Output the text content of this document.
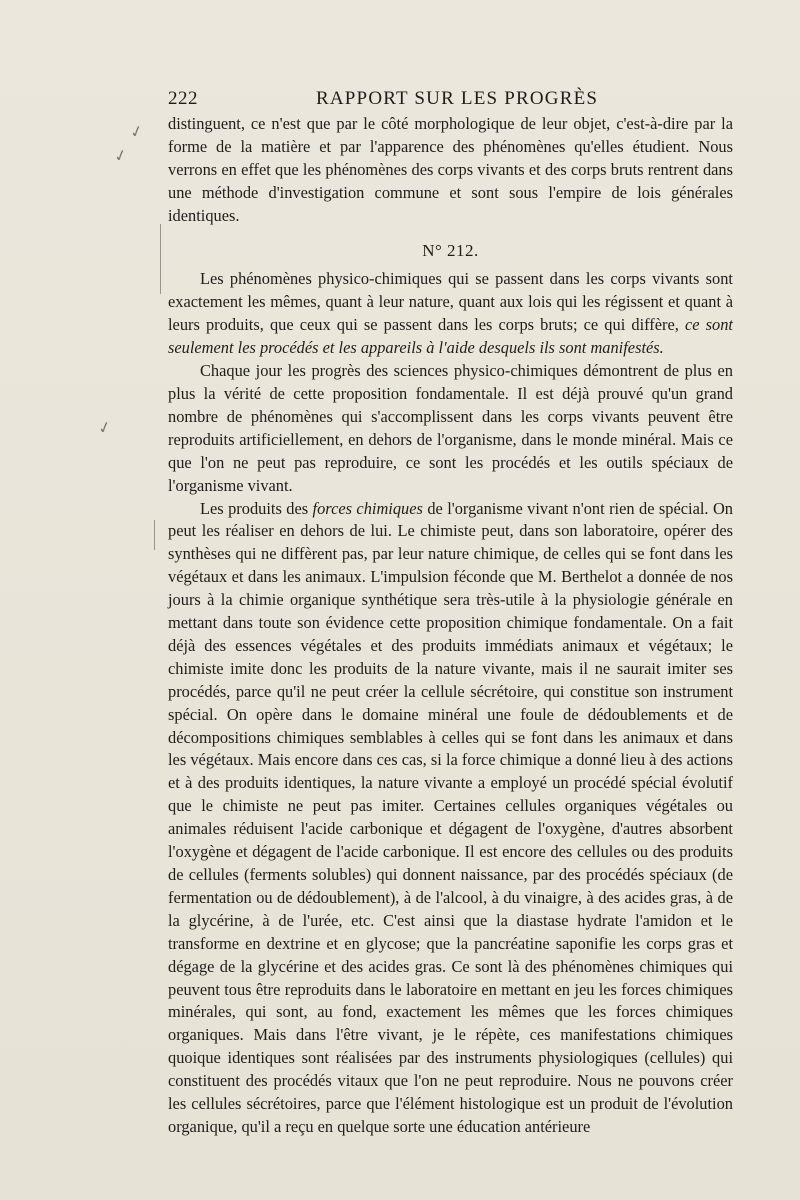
222	RAPPORT SUR LES PROGRÈS
✓
✓
✓

distinguent, ce n'est que par le côté morphologique de leur objet, c'est-à-dire par la forme de la matière et par l'apparence des phénomènes qu'elles étudient. Nous verrons en effet que les phénomènes des corps vivants et des corps bruts rentrent dans une méthode d'investigation commune et sont sous l'empire de lois générales identiques.

N° 212.

Les phénomènes physico-chimiques qui se passent dans les corps vivants sont exactement les mêmes, quant à leur nature, quant aux lois qui les régissent et quant à leurs produits, que ceux qui se passent dans les corps bruts; ce qui diffère, ce sont seulement les procédés et les appareils à l'aide desquels ils sont manifestés.

Chaque jour les progrès des sciences physico-chimiques démontrent de plus en plus la vérité de cette proposition fondamentale. Il est déjà prouvé qu'un grand nombre de phénomènes qui s'accomplissent dans les corps vivants peuvent être reproduits artificiellement, en dehors de l'organisme, dans le monde minéral. Mais ce que l'on ne peut pas reproduire, ce sont les procédés et les outils spéciaux de l'organisme vivant.

Les produits des forces chimiques de l'organisme vivant n'ont rien de spécial. On peut les réaliser en dehors de lui. Le chimiste peut, dans son laboratoire, opérer des synthèses qui ne diffèrent pas, par leur nature chimique, de celles qui se font dans les végétaux et dans les animaux. L'impulsion féconde que M. Berthelot a donnée de nos jours à la chimie organique synthétique sera très-utile à la physiologie générale en mettant dans toute son évidence cette proposition chimique fondamentale. On a fait déjà des essences végétales et des produits immédiats animaux et végétaux; le chimiste imite donc les produits de la nature vivante, mais il ne saurait imiter ses procédés, parce qu'il ne peut créer la cellule sécrétoire, qui constitue son instrument spécial. On opère dans le domaine minéral une foule de dédoublements et de décompositions chimiques semblables à celles qui se font dans les animaux et dans les végétaux. Mais encore dans ces cas, si la force chimique a donné lieu à des actions et à des produits identiques, la nature vivante a employé un procédé spécial évolutif que le chimiste ne peut pas imiter. Certaines cellules organiques végétales ou animales réduisent l'acide carbonique et dégagent de l'oxygène, d'autres absorbent l'oxygène et dégagent de l'acide carbonique. Il est encore des cellules ou des produits de cellules (ferments solubles) qui donnent naissance, par des procédés spéciaux (de fermentation ou de dédoublement), à de l'alcool, à du vinaigre, à des acides gras, à de la glycérine, à de l'urée, etc. C'est ainsi que la diastase hydrate l'amidon et le transforme en dextrine et en glycose; que la pancréatine saponifie les corps gras et dégage de la glycérine et des acides gras. Ce sont là des phénomènes chimiques qui peuvent tous être reproduits dans le laboratoire en mettant en jeu les forces chimiques minérales, qui sont, au fond, exactement les mêmes que les forces chimiques organiques. Mais dans l'être vivant, je le répète, ces manifestations chimiques quoique identiques sont réalisées par des instruments physiologiques (cellules) qui constituent des procédés vitaux que l'on ne peut reproduire. Nous ne pouvons créer les cellules sécrétoires, parce que l'élément histologique est un produit de l'évolution organique, qu'il a reçu en quelque sorte une éducation antérieure
